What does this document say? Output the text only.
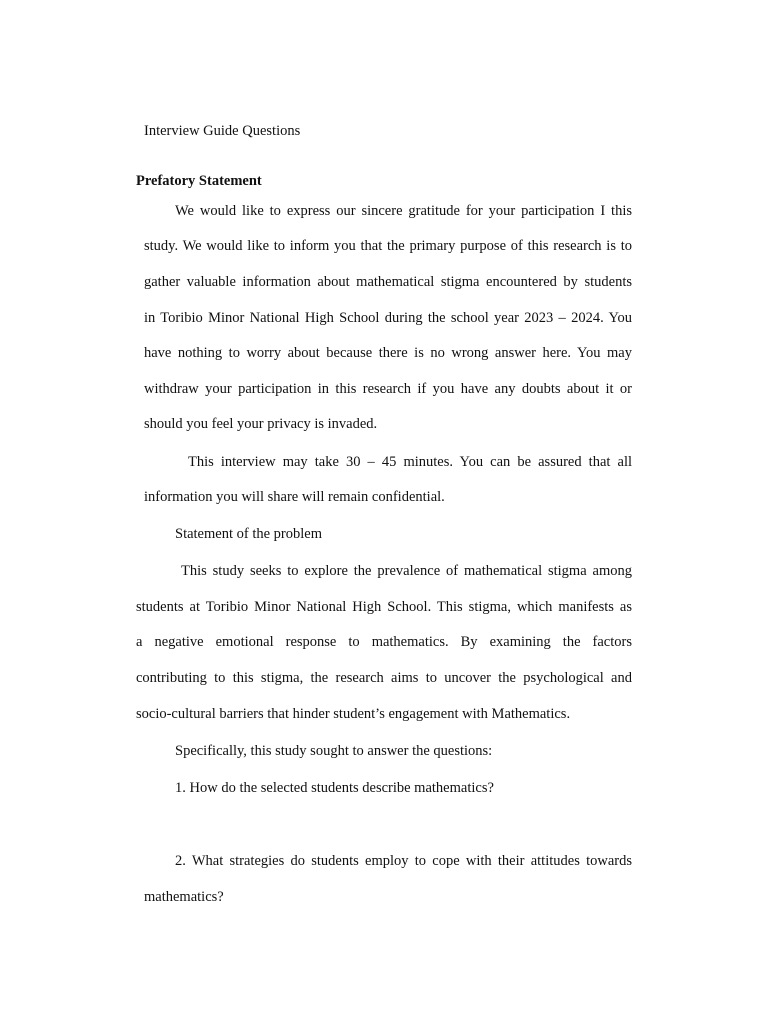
Interview Guide Questions
Prefatory Statement
We would like to express our sincere gratitude for your participation I this
study. We would like to inform you that the primary purpose of this research is to
gather valuable information about mathematical stigma encountered by students
in Toribio Minor National High School during the school year 2023 – 2024. You
have nothing to worry about because there is no wrong answer here. You may
withdraw your participation in this research if you have any doubts about it or
should you feel your privacy is invaded.
This interview may take 30 – 45 minutes. You can be assured that all
information you will share will remain confidential.
Statement of the problem
This study seeks to explore the prevalence of mathematical stigma among
students at Toribio Minor National High School. This stigma, which manifests as
a negative emotional response to mathematics. By examining the factors
contributing to this stigma, the research aims to uncover the psychological and
socio-cultural barriers that hinder student’s engagement with Mathematics.
Specifically, this study sought to answer the questions:
1. How do the selected students describe mathematics?
2. What strategies do students employ to cope with their attitudes towards
mathematics?
